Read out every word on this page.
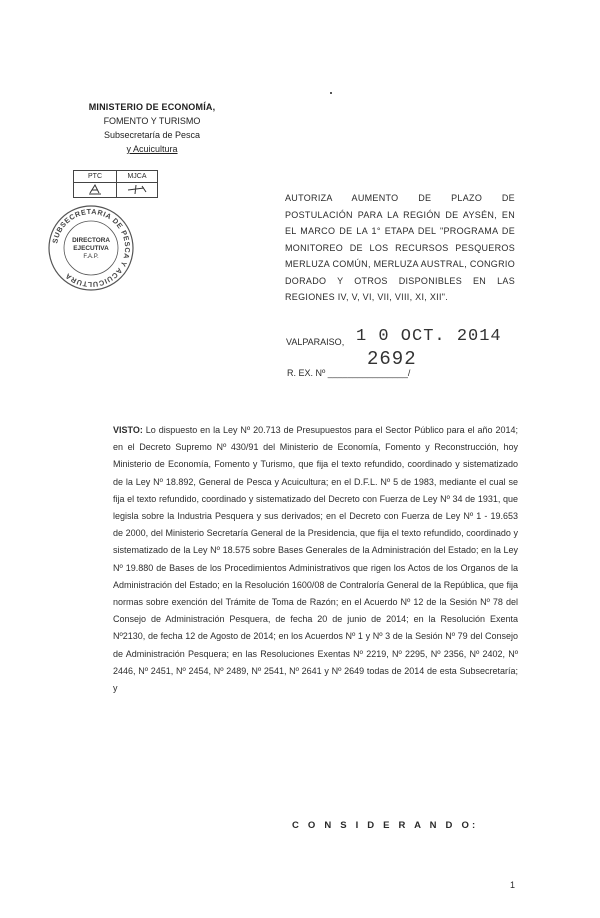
MINISTERIO DE ECONOMÍA,
FOMENTO Y TURISMO
Subsecretaría de Pesca
y Acuicultura
PTC	MJCA

SUBSECRETARIA DE PESCA Y ACUICULTURA
DIRECTORA
EJECUTIVA
F.A.P.
AUTORIZA AUMENTO DE PLAZO DE POSTULACIÓN PARA LA REGIÓN DE AYSÉN, EN EL MARCO DE LA 1° ETAPA DEL "PROGRAMA DE MONITOREO DE LOS RECURSOS PESQUEROS MERLUZA COMÚN, MERLUZA AUSTRAL, CONGRIO DORADO Y OTROS DISPONIBLES EN LAS REGIONES IV, V, VI, VII, VIII, XI, XII".
VALPARAISO, 1 0 OCT. 2014
2692
R. EX. Nº ________________/
VISTO: Lo dispuesto en la Ley Nº 20.713 de Presupuestos para el Sector Público para el año 2014; en el Decreto Supremo Nº 430/91 del Ministerio de Economía, Fomento y Reconstrucción, hoy Ministerio de Economía, Fomento y Turismo, que fija el texto refundido, coordinado y sistematizado de la Ley Nº 18.892, General de Pesca y Acuicultura; en el D.F.L. Nº 5 de 1983, mediante el cual se fija el texto refundido, coordinado y sistematizado del Decreto con Fuerza de Ley Nº 34 de 1931, que legisla sobre la Industria Pesquera y sus derivados; en el Decreto con Fuerza de Ley Nº 1 - 19.653 de 2000, del Ministerio Secretaría General de la Presidencia, que fija el texto refundido, coordinado y sistematizado de la Ley Nº 18.575 sobre Bases Generales de la Administración del Estado; en la Ley Nº 19.880 de Bases de los Procedimientos Administrativos que rigen los Actos de los Organos de la Administración del Estado; en la Resolución 1600/08 de Contraloría General de la República, que fija normas sobre exención del Trámite de Toma de Razón; en el Acuerdo Nº 12 de la Sesión Nº 78 del Consejo de Administración Pesquera, de fecha 20 de junio de 2014; en la Resolución Exenta Nº2130, de fecha 12 de Agosto de 2014; en los Acuerdos Nº 1 y Nº 3 de la Sesión Nº 79 del Consejo de Administración Pesquera; en las Resoluciones Exentas Nº 2219, Nº 2295, Nº 2356, Nº 2402, Nº 2446, Nº 2451, Nº 2454, Nº 2489, Nº 2541, Nº 2641 y Nº 2649 todas de 2014 de esta Subsecretaría; y
C O N S I D E R A N D O:
1
